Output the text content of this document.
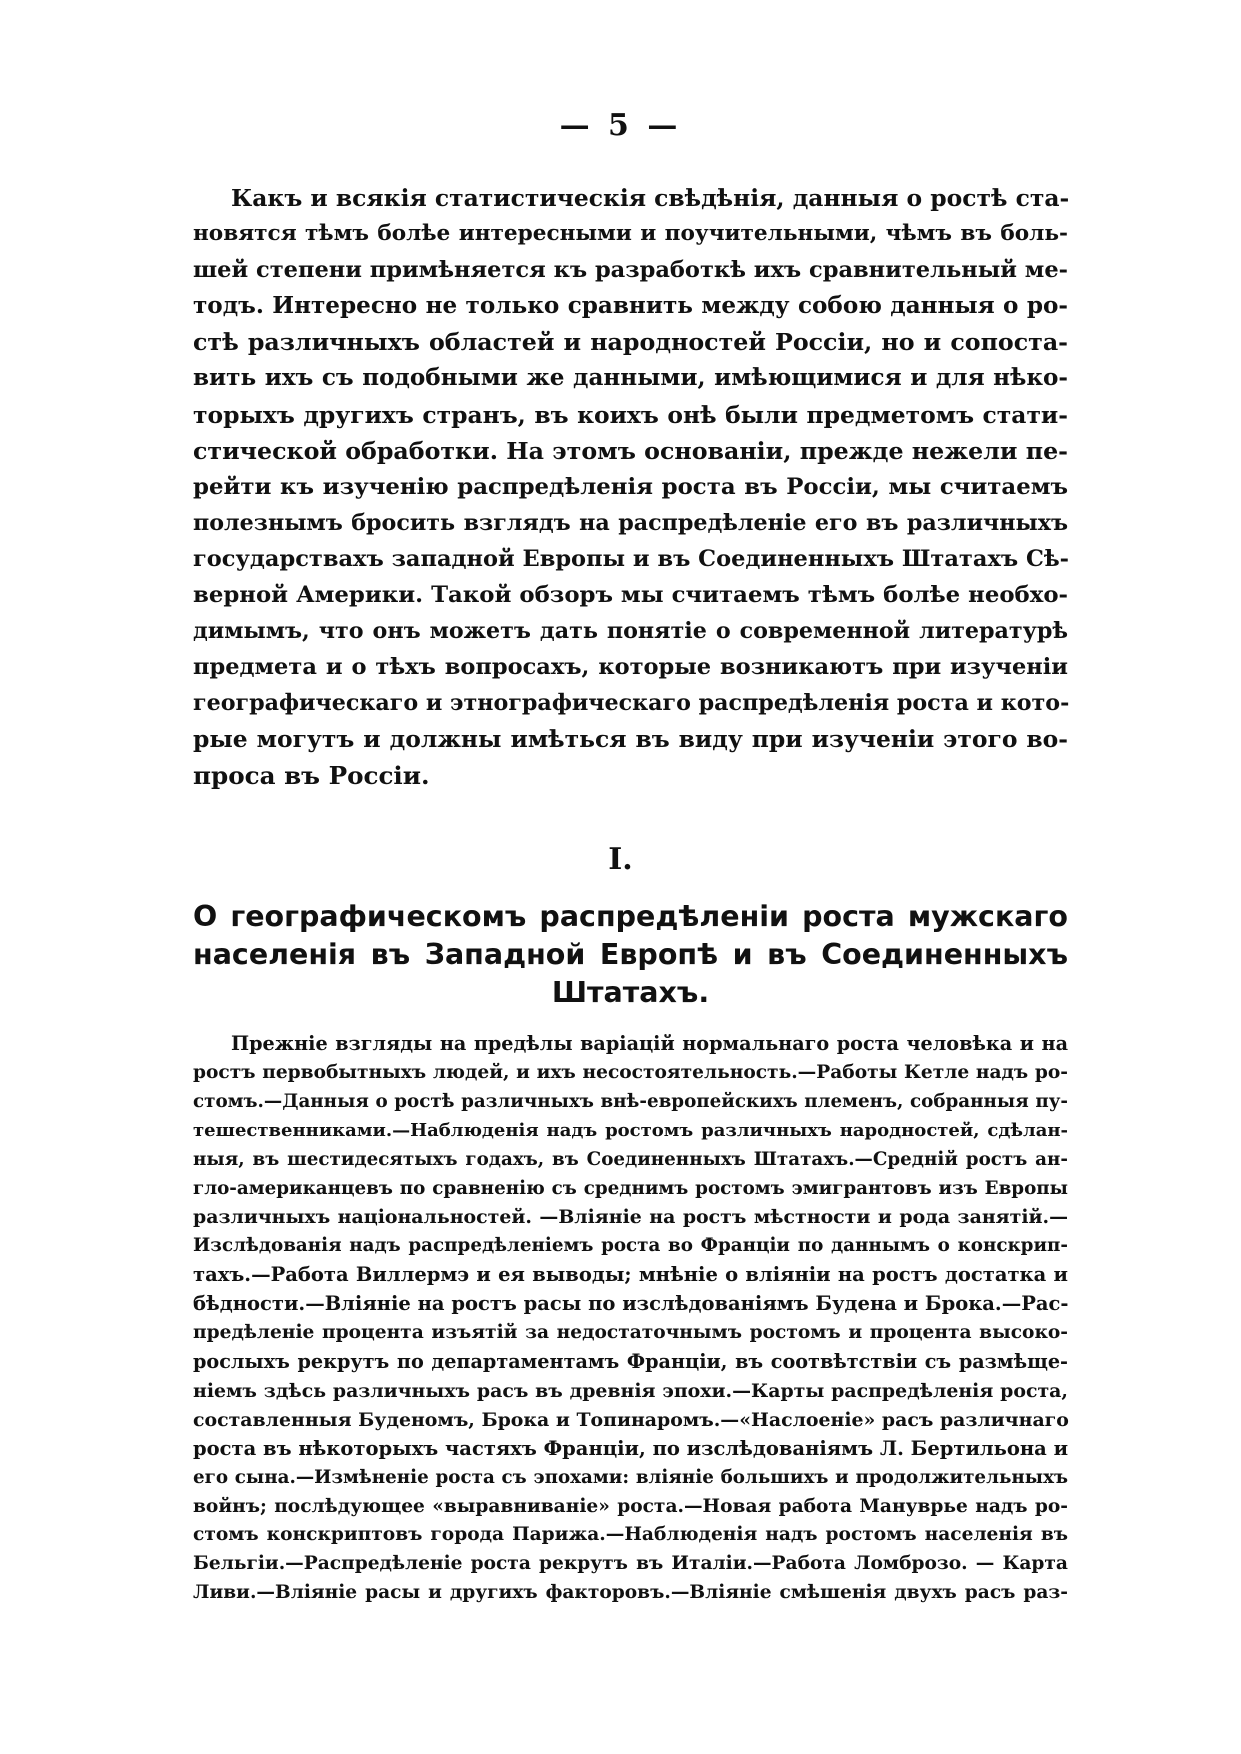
— 5 —
Какъ и всякія статистическія свѣдѣнія, данныя о ростѣ ста-
новятся тѣмъ болѣе интересными и поучительными, чѣмъ въ боль-
шей степени примѣняется къ разработкѣ ихъ сравнительный ме-
тодъ. Интересно не только сравнить между собою данныя о ро-
стѣ различныхъ областей и народностей Россіи, но и сопоста-
вить ихъ съ подобными же данными, имѣющимися и для нѣко-
торыхъ другихъ странъ, въ коихъ онѣ были предметомъ стати-
стической обработки. На этомъ основаніи, прежде нежели пе-
рейти къ изученію распредѣленія роста въ Россіи, мы считаемъ
полезнымъ бросить взглядъ на распредѣленіе его въ различныхъ
государствахъ западной Европы и въ Соединенныхъ Штатахъ Сѣ-
верной Америки. Такой обзоръ мы считаемъ тѣмъ болѣе необхо-
димымъ, что онъ можетъ дать понятіе о современной литературѣ
предмета и о тѣхъ вопросахъ, которые возникаютъ при изученіи
географическаго и этнографическаго распредѣленія роста и кото-
рые могутъ и должны имѣться въ виду при изученіи этого во-
проса въ Россіи.
I.
О географическомъ распредѣленіи роста мужскаго
населенія въ Западной Европѣ и въ Соединенныхъ
Штатахъ.
Прежніе взгляды на предѣлы варіацій нормальнаго роста человѣка и на
ростъ первобытныхъ людей, и ихъ несостоятельность.—Работы Кетле надъ ро-
стомъ.—Данныя о ростѣ различныхъ внѣ-европейскихъ племенъ, собранныя пу-
тешественниками.—Наблюденія надъ ростомъ различныхъ народностей, сдѣлан-
ныя, въ шестидесятыхъ годахъ, въ Соединенныхъ Штатахъ.—Средній ростъ ан-
гло-американцевъ по сравненію съ среднимъ ростомъ эмигрантовъ изъ Европы
различныхъ національностей. —Вліяніе на ростъ мѣстности и рода занятій.—
Изслѣдованія надъ распредѣленіемъ роста во Франціи по даннымъ о конскрип-
тахъ.—Работа Виллермэ и ея выводы; мнѣніе о вліяніи на ростъ достатка и
бѣдности.—Вліяніе на ростъ расы по изслѣдованіямъ Будена и Брока.—Рас-
предѣленіе процента изъятій за недостаточнымъ ростомъ и процента высоко-
рослыхъ рекрутъ по департаментамъ Франціи, въ соотвѣтствіи съ размѣще-
ніемъ здѣсь различныхъ расъ въ древнія эпохи.—Карты распредѣленія роста,
составленныя Буденомъ, Брока и Топинаромъ.—«Наслоеніе» расъ различнаго
роста въ нѣкоторыхъ частяхъ Франціи, по изслѣдованіямъ Л. Бертильона и
его сына.—Измѣненіе роста съ эпохами: вліяніе большихъ и продолжительныхъ
войнъ; послѣдующее «выравниваніе» роста.—Новая работа Мануврье надъ ро-
стомъ конскриптовъ города Парижа.—Наблюденія надъ ростомъ населенія въ
Бельгіи.—Распредѣленіе роста рекрутъ въ Италіи.—Работа Ломброзо. — Карта
Ливи.—Вліяніе расы и другихъ факторовъ.—Вліяніе смѣшенія двухъ расъ раз-
